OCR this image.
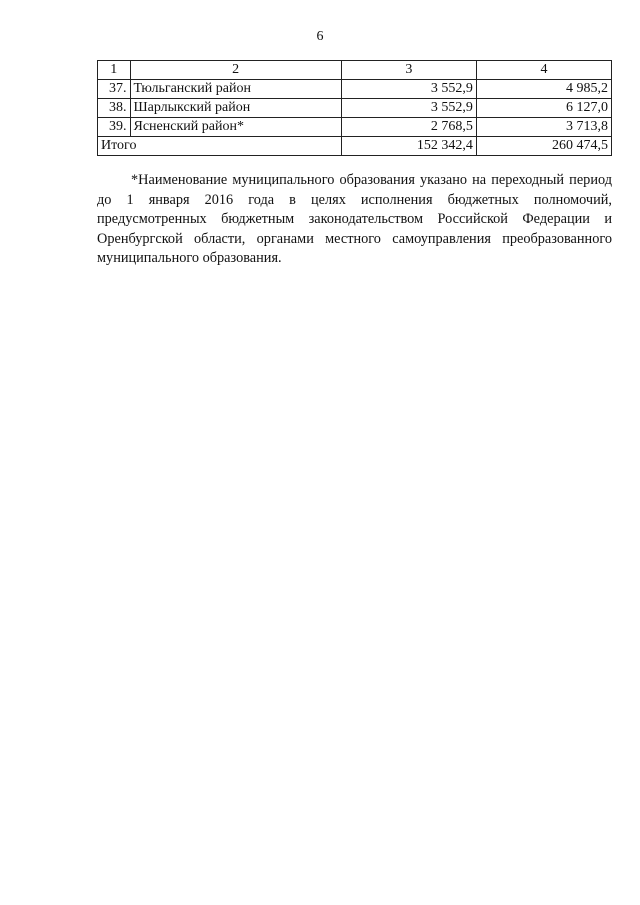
6
1	2	3	4
37.	Тюльганский район	3 552,9	4 985,2
38.	Шарлыкский район	3 552,9	6 127,0
39.	Ясненский район*	2 768,5	3 713,8
Итого		152 342,4	260 474,5

*Наименование муниципального образования указано на переходный период до 1 января 2016 года в целях исполнения бюджетных полномочий, предусмотренных бюджетным законодательством Российской Федерации и Оренбургской области, органами местного самоуправления преобразованного муниципального образования.
